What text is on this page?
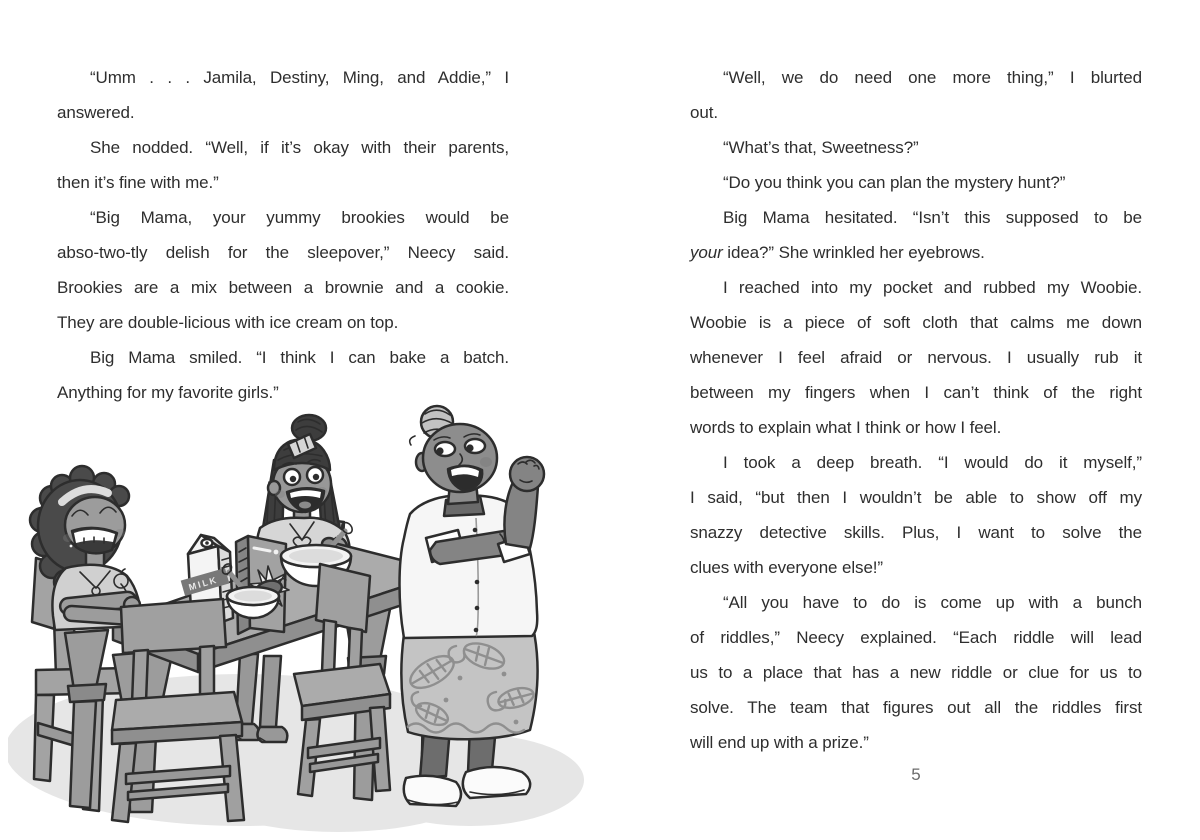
“Umm . . . Jamila, Destiny, Ming, and Addie,” I
answered.
She nodded. “Well, if it’s okay with their parents,
then it’s fine with me.”
“Big Mama, your yummy brookies would be
abso-two-tly delish for the sleepover,” Neecy said.
Brookies are a mix between a brownie and a cookie.
They are double-licious with ice cream on top.
Big Mama smiled. “I think I can bake a batch.
Anything for my favorite girls.”
“Well, we do need one more thing,” I blurted
out.
“What’s that, Sweetness?”
“Do you think you can plan the mystery hunt?”
Big Mama hesitated. “Isn’t this supposed to be
your idea?” She wrinkled her eyebrows.
I reached into my pocket and rubbed my Woobie.
Woobie is a piece of soft cloth that calms me down
whenever I feel afraid or nervous. I usually rub it
between my fingers when I can’t think of the right
words to explain what I think or how I feel.
I took a deep breath. “I would do it myself,”
I said, “but then I wouldn’t be able to show off my
snazzy detective skills. Plus, I want to solve the
clues with everyone else!”
“All you have to do is come up with a bunch
of riddles,” Neecy explained. “Each riddle will lead
us to a place that has a new riddle or clue for us to
solve. The team that figures out all the riddles first
will end up with a prize.”
5
MILK
